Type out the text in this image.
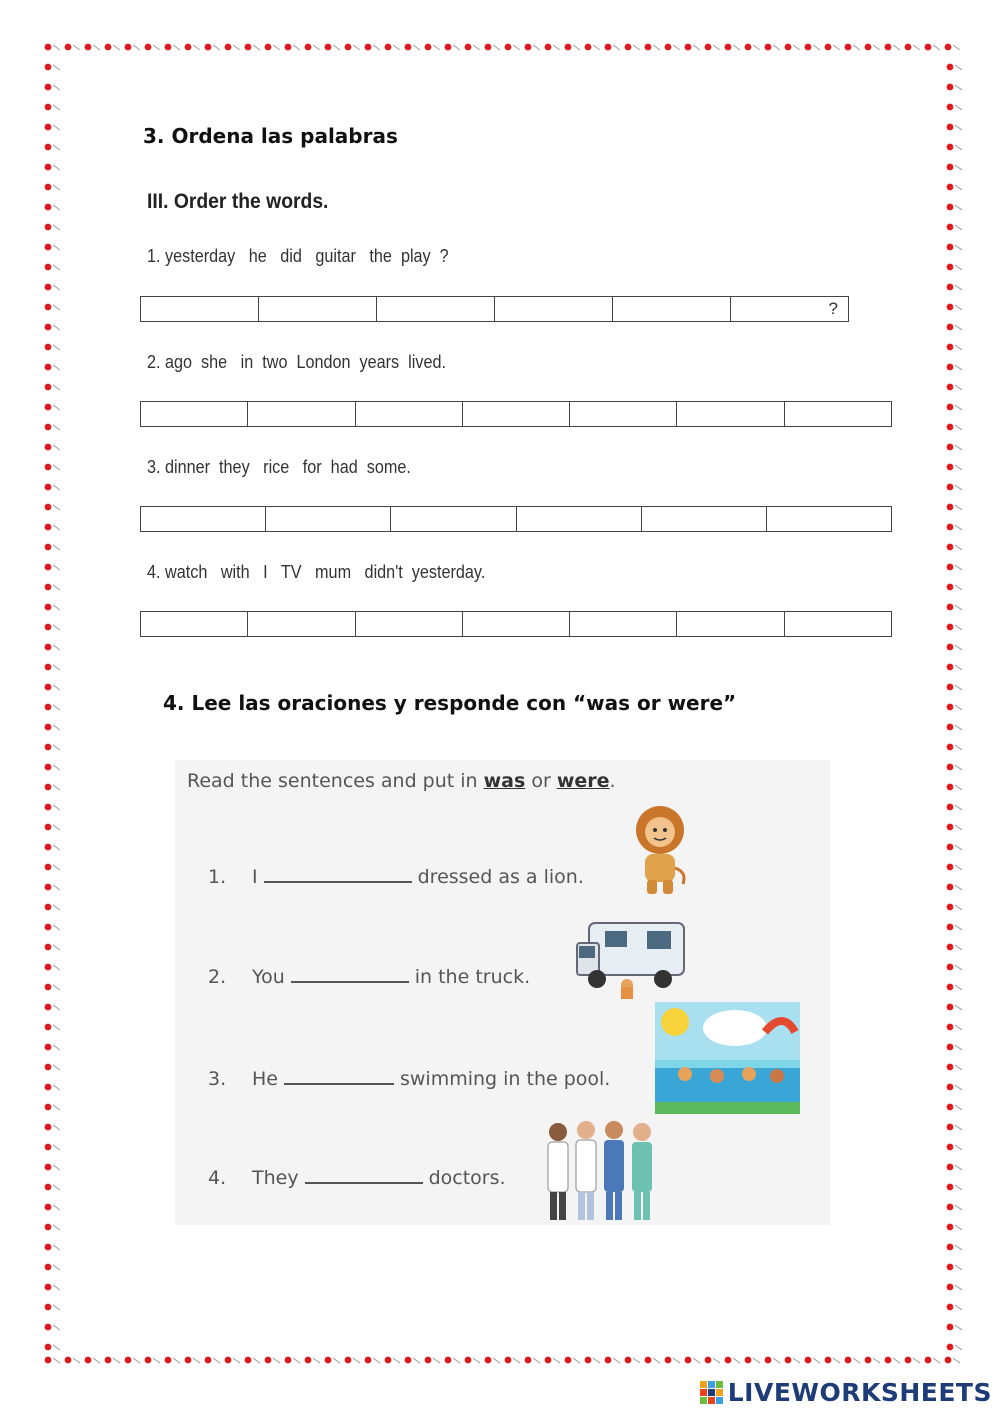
3. Ordena las palabras
III. Order the words.
1. yesterday   he   did   guitar   the  play  ?
?
2. ago  she   in  two  London  years  lived.
3. dinner  they   rice   for  had  some.
4. watch   with   I   TV   mum   didn't  yesterday.
4. Lee las oraciones y responde con “was or were”
Read the sentences and put in was or were.
1. I	dressed as a lion.
2. You	in the truck.
3. He	swimming in the pool.
4. They	doctors.
LIVEWORKSHEETS
